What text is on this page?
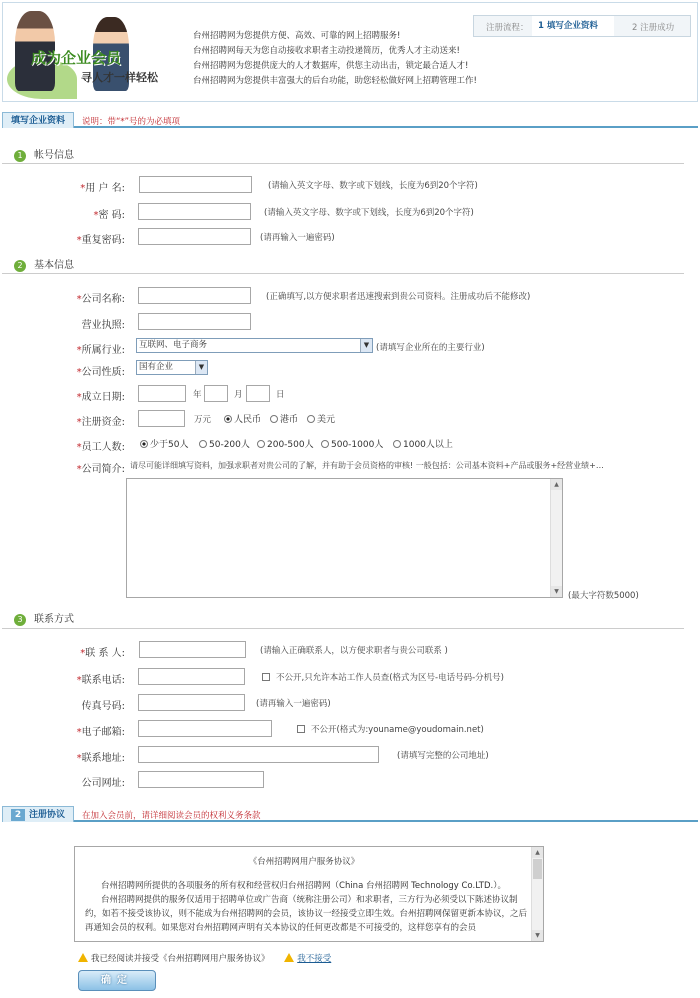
成为企业会员
寻人才一样轻松
台州招聘网为您提供方便、高效、可靠的网上招聘服务!
台州招聘网每天为您自动接收求职者主动投递简历，优秀人才主动送来!
台州招聘网为您提供庞大的人才数据库，供您主动出击，锁定最合适人才!
台州招聘网为您提供丰富强大的后台功能，助您轻松做好网上招聘管理工作!
注册流程：	1 填写企业资料	2 注册成功
填写企业资料	说明：带“*”号的为必填项
1 帐号信息
*用 户 名:	(请输入英文字母、数字或下划线，长度为6到20个字符)
*密 码:	(请输入英文字母、数字或下划线，长度为6到20个字符)
*重复密码:	(请再输入一遍密码)
2 基本信息
*公司名称:	(正确填写,以方便求职者迅速搜索到贵公司资料。注册成功后不能修改)
营业执照:
*所属行业:	互联网、电子商务	▼ (请填写企业所在的主要行业)
*公司性质:	国有企业	▼
*成立日期:	年	月	日
*注册资金:	万元	人民币	港币	美元
*员工人数:	少于50人	50-200人	200-500人	500-1000人	1000人以上
*公司简介: 请尽可能详细填写资料，加强求职者对贵公司的了解，并有助于会员资格的审核! 一般包括：公司基本资料+产品或服务+经营业绩+…
▲
▼	(最大字符数5000)
3 联系方式
*联 系 人:	(请输入正确联系人，以方便求职者与贵公司联系 )
*联系电话:	不公开,只允许本站工作人员查(格式为区号-电话号码-分机号)
传真号码:	(请再输入一遍密码)
*电子邮箱:	不公开(格式为:youname@youdomain.net)
*联系地址:	(请填写完整的公司地址)
公司网址:
2 注册协议	在加入会员前，请详细阅读会员的权利义务条款
《台州招聘网用户服务协议》
台州招聘网所提供的各项服务的所有权和经营权归台州招聘网（China 台州招聘网 Technology Co.LTD.）。
台州招聘网提供的服务仅适用于招聘单位或广告商（统称注册公司）和求职者，三方行为必须受以下陈述协议制约，如若不接受该协议，则不能成为台州招聘网的会员，该协议一经接受立即生效。台州招聘网保留更新本协议，之后再通知会员的权利。如果您对台州招聘网声明有关本协议的任何更改都是不可接受的，这样您享有的会员
▲
▼
我已经阅读并接受《台州招聘网用户服务协议》	我不接受
确定
